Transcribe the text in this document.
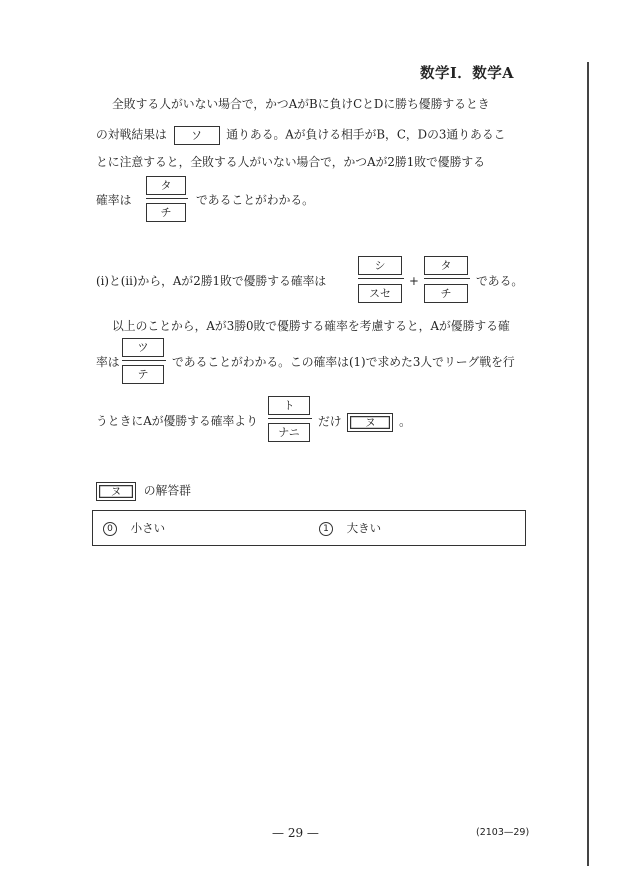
数学Ⅰ．数学A
全敗する人がいない場合で，かつAがBに負けCとDに勝ち優勝するとき
の対戦結果は ソ 通りある。Aが負ける相手がB，C，Dの3通りあるこ
とに注意すると，全敗する人がいない場合で，かつAが2勝1敗で優勝する
確率は
タ
チ
であることがわかる。
(i)と(ii)から，Aが2勝1敗で優勝する確率は
シ
スセ
+
タ
チ
である。
以上のことから，Aが3勝0敗で優勝する確率を考慮すると，Aが優勝する確
率は
ツ
テ
であることがわかる。この確率は(1)で求めた3人でリーグ戦を行
うときにAが優勝する確率より
ト
ナニ
だけ ヌ 。
ヌ の解答群
0 小さい	1 大きい
— 29 —	(2103—29)
